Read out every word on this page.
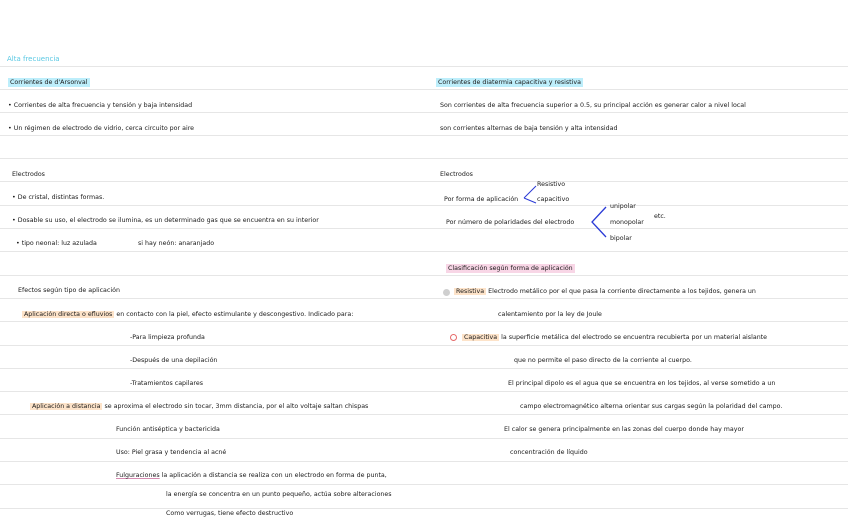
Alta frecuencia
Corrientes de d'Arsonval
• Corrientes de alta frecuencia y tensión y baja intensidad
• Un régimen de electrodo de vidrio, cerca circuito por aire
Electrodos
• De cristal, distintas formas.
• Dosable su uso, el electrodo se ilumina, es un determinado gas que se encuentra en su interior
• tipo neonal: luz azulada	si hay neón: anaranjado
Efectos según tipo de aplicación
Aplicación directa o efluvios en contacto con la piel, efecto estimulante y descongestivo. Indicado para:
-Para limpieza profunda
-Después de una depilación
-Tratamientos capilares
Aplicación a distancia se aproxima el electrodo sin tocar, 3mm distancia, por el alto voltaje saltan chispas
Función antiséptica y bactericida
Uso: Piel grasa y tendencia al acné
Fulguraciones la aplicación a distancia se realiza con un electrodo en forma de punta,
la energía se concentra en un punto pequeño, actúa sobre alteraciones
Como verrugas, tiene efecto destructivo
Corrientes de diatermia capacitiva y resistiva
Son corrientes de alta frecuencia superior a 0.5, su principal acción es generar calor a nivel local
son corrientes alternas de baja tensión y alta intensidad
Electrodos
Por forma de aplicación
Resistivo
capacitivo
Por número de polaridades del electrodo
unipolar
monopolar
bipolar
etc.
Clasificación según forma de aplicación
Resistiva Electrodo metálico por el que pasa la corriente directamente a los tejidos, genera un
calentamiento por la ley de Joule
Capacitiva la superficie metálica del electrodo se encuentra recubierta por un material aislante
que no permite el paso directo de la corriente al cuerpo.
El principal dipolo es el agua que se encuentra en los tejidos, al verse sometido a un
campo electromagnético alterna orientar sus cargas según la polaridad del campo.
El calor se genera principalmente en las zonas del cuerpo donde hay mayor
concentración de líquido
